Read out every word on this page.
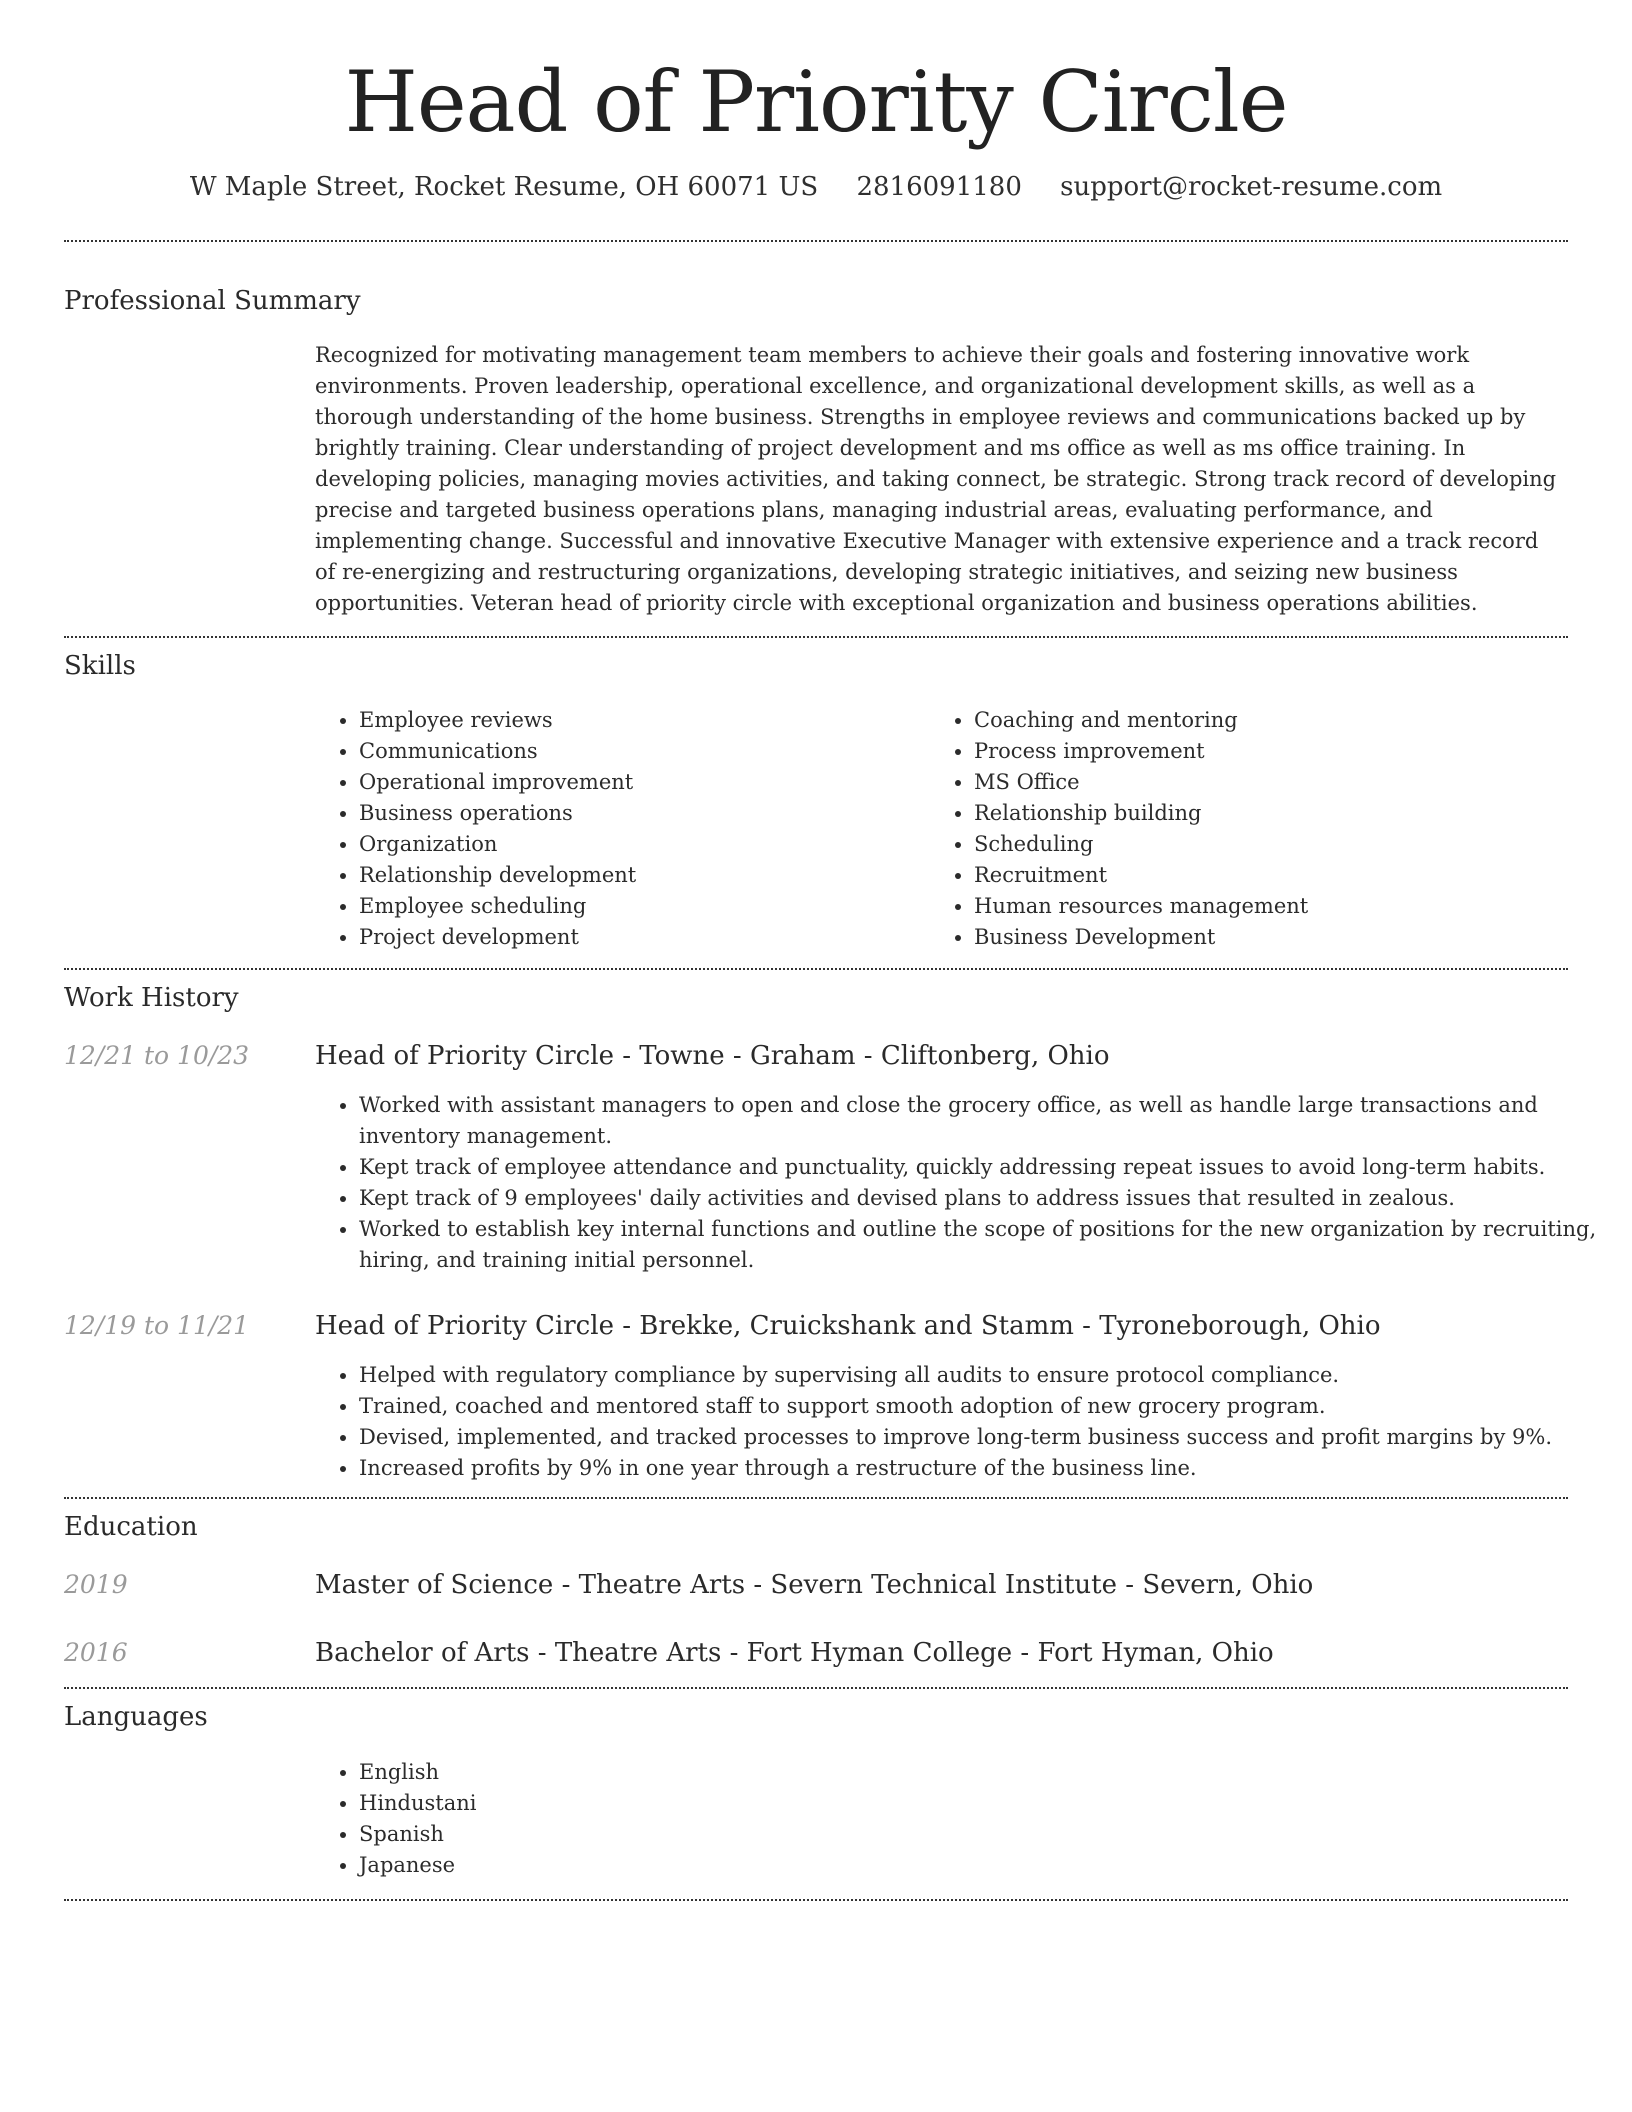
Head of Priority Circle
W Maple Street, Rocket Resume, OH 60071 US 2816091180 support@rocket-resume.com
Professional Summary

Recognized for motivating management team members to achieve their goals and fostering innovative work environments. Proven leadership, operational excellence, and organizational development skills, as well as a thorough understanding of the home business. Strengths in employee reviews and communications backed up by brightly training. Clear understanding of project development and ms office as well as ms office training. In developing policies, managing movies activities, and taking connect, be strategic. Strong track record of developing precise and targeted business operations plans, managing industrial areas, evaluating performance, and implementing change. Successful and innovative Executive Manager with extensive experience and a track record of re-energizing and restructuring organizations, developing strategic initiatives, and seizing new business opportunities. Veteran head of priority circle with exceptional organization and business operations abilities.

Skills
• Employee reviews
• Communications
• Operational improvement
• Business operations
• Organization
• Relationship development
• Employee scheduling
• Project development
• Coaching and mentoring
• Process improvement
• MS Office
• Relationship building
• Scheduling
• Recruitment
• Human resources management
• Business Development
Work History
12/21 to 10/23	Head of Priority Circle - Towne - Graham - Cliftonberg, Ohio
• Worked with assistant managers to open and close the grocery office, as well as handle large transactions and inventory management.
• Kept track of employee attendance and punctuality, quickly addressing repeat issues to avoid long-term habits.
• Kept track of 9 employees' daily activities and devised plans to address issues that resulted in zealous.
• Worked to establish key internal functions and outline the scope of positions for the new organization by recruiting, hiring, and training initial personnel.
12/19 to 11/21	Head of Priority Circle - Brekke, Cruickshank and Stamm - Tyroneborough, Ohio
• Helped with regulatory compliance by supervising all audits to ensure protocol compliance.
• Trained, coached and mentored staff to support smooth adoption of new grocery program.
• Devised, implemented, and tracked processes to improve long-term business success and profit margins by 9%.
• Increased profits by 9% in one year through a restructure of the business line.
Education
2019	Master of Science - Theatre Arts - Severn Technical Institute - Severn, Ohio
2016	Bachelor of Arts - Theatre Arts - Fort Hyman College - Fort Hyman, Ohio
Languages
• English
• Hindustani
• Spanish
• Japanese
